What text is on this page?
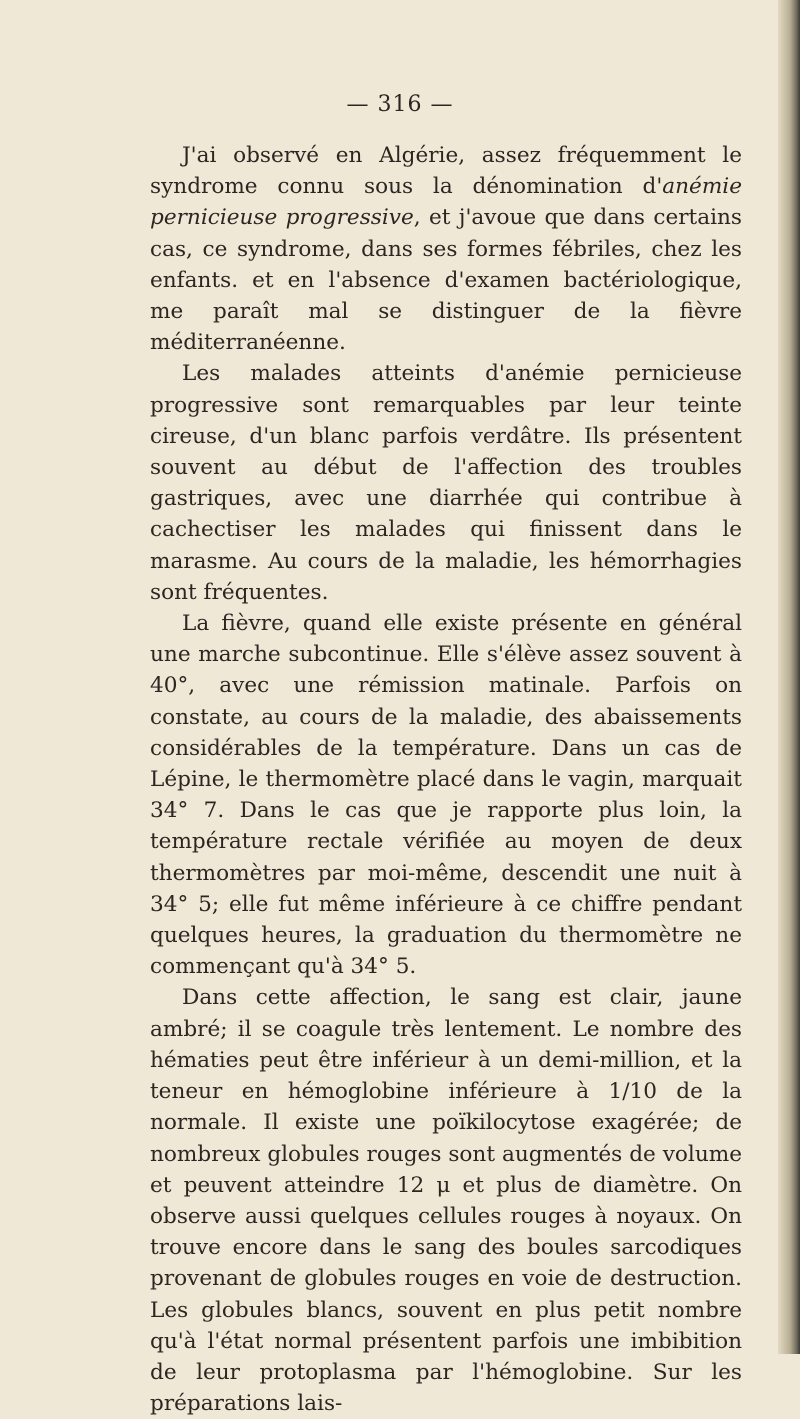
— 316 —

J'ai observé en Algérie, assez fréquemment le syndrome connu sous la dénomination d'anémie pernicieuse progressive, et j'avoue que dans certains cas, ce syndrome, dans ses formes fébriles, chez les enfants. et en l'absence d'examen bactériologique, me paraît mal se distinguer de la fièvre méditerranéenne.

Les malades atteints d'anémie pernicieuse progressive sont remarquables par leur teinte cireuse, d'un blanc parfois verdâtre. Ils présentent souvent au début de l'affection des troubles gastriques, avec une diarrhée qui contribue à cachectiser les malades qui finissent dans le marasme. Au cours de la maladie, les hémorrhagies sont fréquentes.

La fièvre, quand elle existe présente en général une marche subcontinue. Elle s'élève assez souvent à 40°, avec une rémission matinale. Parfois on constate, au cours de la maladie, des abaissements considérables de la température. Dans un cas de Lépine, le thermomètre placé dans le vagin, marquait 34° 7. Dans le cas que je rapporte plus loin, la température rectale vérifiée au moyen de deux thermomètres par moi-même, descendit une nuit à 34° 5; elle fut même inférieure à ce chiffre pendant quelques heures, la graduation du thermomètre ne commençant qu'à 34° 5.

Dans cette affection, le sang est clair, jaune ambré; il se coagule très lentement. Le nombre des hématies peut être inférieur à un demi-million, et la teneur en hémoglobine inférieure à 1/10 de la normale. Il existe une poïkilocytose exagérée; de nombreux globules rouges sont augmentés de volume et peuvent atteindre 12 μ et plus de diamètre. On observe aussi quelques cellules rouges à noyaux. On trouve encore dans le sang des boules sarcodiques provenant de globules rouges en voie de destruction. Les globules blancs, souvent en plus petit nombre qu'à l'état normal présentent parfois une imbibition de leur protoplasma par l'hémoglobine. Sur les préparations lais-
